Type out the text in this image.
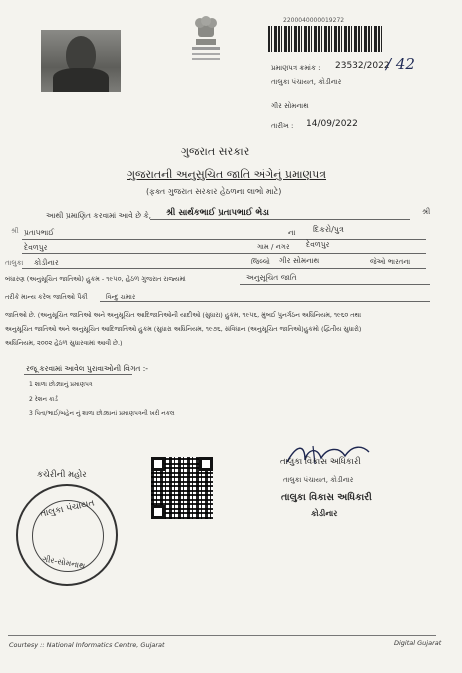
2200040000019272
પ્રમાણપત્ર ક્રમાંક : 23532/2022
/ 42
તાલુકા પંચાયત, કોડીનાર
ગીર સોમનાથ
તારીખ : 14/09/2022
ગુજરાત સરકાર
ગુજરાતની અનુસુચિત જાતિ અંગેનું પ્રમાણપત્ર
(ફક્ત ગુજરાત સરકાર હેઠળના લાભો માટે)
આથી પ્રમાણિત કરવામાં આવે છે કે, શ્રી સાર્થકભાઈ પ્રતાપભાઈ ભેડા	શ્રી
શ્રી પ્રતાપભાઈ	ના દિકરો/પુત્ર
દેવળપુર	ગામ / નગર દેવળપુર
તાલુકા કોડીનાર	જિલ્લો ગીર સોમનાથ	જેઓ ભારતના
બંધારણ (અનુસૂચિત જાતિઓ) હુકમ - ૧૯૫૦, હેઠળ ગુજરાત રાજ્યમાં	અનુસૂચિત જાતિ
તરીકે માન્ય કરેલ જાતિઓ પૈકી	વિન્દુ ચમાર
જાતિઓ છે. (અનુસૂચિત જાતિઓ અને અનુસૂચિત આદિજાતિઓની યાદીઓ (સુધારા) હુકમ, ૧૯૫૬, મુંબઈ પુનર્ગઠન અધિનિયમ, ૧૯૬૦ તથા
અનુસૂચિત જાતિઓ અને અનુસૂચિત આદિજાતિઓ હુકમ (સુધારા અધિનિયમ, ૧૯૭૬, સંવિધાન (અનુસૂચિત જાતિઓ)હુકમો (દ્વિતીય સુધારો)
અધિનિયમ, ૨૦૦૨ હેઠળ સુધારવામાં આવી છે.)
રજૂ કરવામાં આવેલ પુરાવાઓની વિગત :-
1 શાળા છોડ્યાનું પ્રમાણપત્ર
2 રેશન કાર્ડ
3 પિતા/ભાઈ/બહેન નું શાળા છોડ્યાનાં પ્રમાણપત્રની ખરી નકલ
કચેરીની મહોર
તાલુકા પંચાયત
ગીર-સોમનાથ
તાલુકા વિકાસ અધિકારી
તાલુકા પંચાયત, કોડીનાર
તાલુકા વિકાસ અધિકારી
કોડીનાર
Courtesy :: National Informatics Centre, Gujarat	Digital Gujarat
